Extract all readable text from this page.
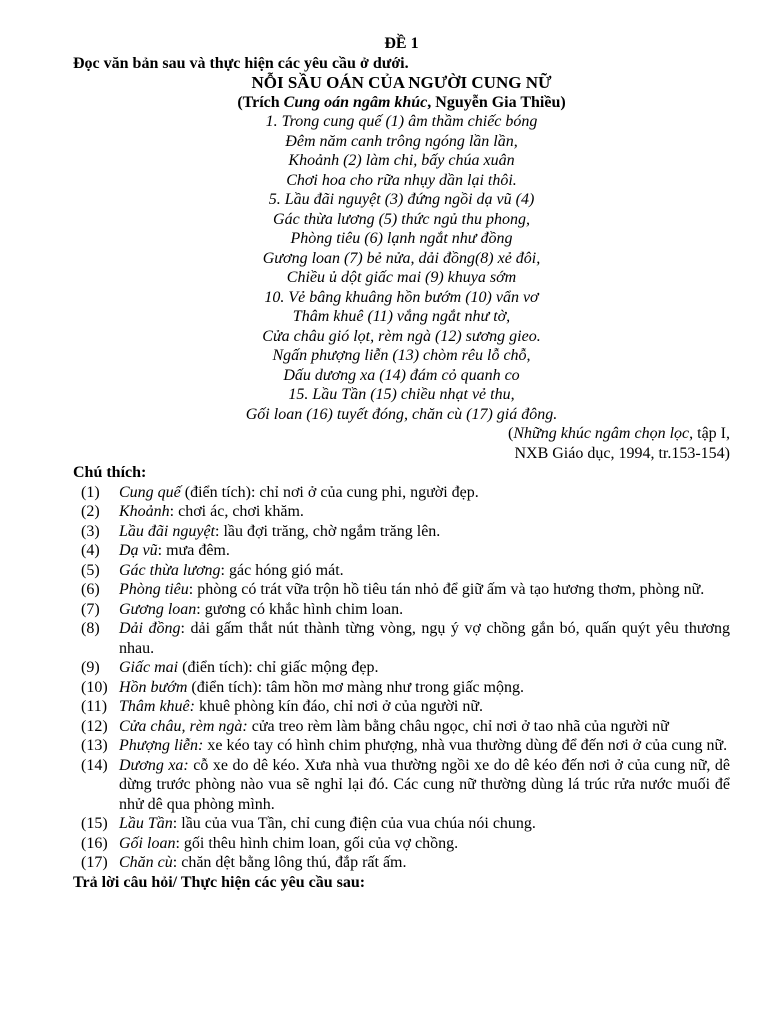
ĐỀ 1
Đọc văn bản sau và thực hiện các yêu cầu ở dưới.
NỖI SẦU OÁN CỦA NGƯỜI CUNG NỮ
(Trích Cung oán ngâm khúc, Nguyễn Gia Thiều)
1. Trong cung quế (1) âm thầm chiếc bóng
Đêm năm canh trông ngóng lần lần,
Khoảnh (2) làm chi, bấy chúa xuân
Chơi hoa cho rữa nhụy dần lại thôi.
5. Lầu đãi nguyệt (3) đứng ngồi dạ vũ (4)
Gác thừa lương (5) thức ngủ thu phong,
Phòng tiêu (6) lạnh ngắt như đồng
Gương loan (7) bẻ nửa, dải đồng(8) xẻ đôi,
Chiều ủ dột giấc mai (9) khuya sớm
10. Vẻ bâng khuâng hồn bướm (10) vẩn vơ
Thâm khuê (11) vắng ngắt như tờ,
Cửa châu gió lọt, rèm ngà (12) sương gieo.
Ngấn phượng liễn (13) chòm rêu lỗ chỗ,
Dấu dương xa (14) đám cỏ quanh co
15. Lầu Tần (15) chiều nhạt vẻ thu,
Gối loan (16) tuyết đóng, chăn cù (17) giá đông.
(Những khúc ngâm chọn lọc, tập I,
NXB Giáo dục, 1994, tr.153-154)
Chú thích:
(1)	Cung quế (điển tích): chỉ nơi ở của cung phi, người đẹp.
(2)	Khoảnh: chơi ác, chơi khăm.
(3)	Lầu đãi nguyệt: lầu đợi trăng, chờ ngắm trăng lên.
(4)	Dạ vũ: mưa đêm.
(5)	Gác thừa lương: gác hóng gió mát.
(6)	Phòng tiêu: phòng có trát vữa trộn hồ tiêu tán nhỏ để giữ ấm và tạo hương thơm, phòng nữ.
(7)	Gương loan: gương có khắc hình chim loan.
(8)	Dải đồng: dải gấm thắt nút thành từng vòng, ngụ ý vợ chồng gắn bó, quấn quýt yêu thương nhau.
(9)	Giấc mai (điển tích): chỉ giấc mộng đẹp.
(10) Hồn bướm (điển tích): tâm hồn mơ màng như trong giấc mộng.
(11) Thâm khuê: khuê phòng kín đáo, chỉ nơi ở của người nữ.
(12) Cửa châu, rèm ngà: cửa treo rèm làm bằng châu ngọc, chỉ nơi ở tao nhã của người nữ
(13) Phượng liễn: xe kéo tay có hình chim phượng, nhà vua thường dùng để đến nơi ở của cung nữ.
(14) Dương xa: cỗ xe do dê kéo. Xưa nhà vua thường ngồi xe do dê kéo đến nơi ở của cung nữ, dê dừng trước phòng nào vua sẽ nghỉ lại đó. Các cung nữ thường dùng lá trúc rửa nước muối để nhử dê qua phòng mình.
(15) Lầu Tần: lầu của vua Tần, chỉ cung điện của vua chúa nói chung.
(16) Gối loan: gối thêu hình chim loan, gối của vợ chồng.
(17) Chăn cù: chăn dệt bằng lông thú, đắp rất ấm.
Trả lời câu hỏi/ Thực hiện các yêu cầu sau:
